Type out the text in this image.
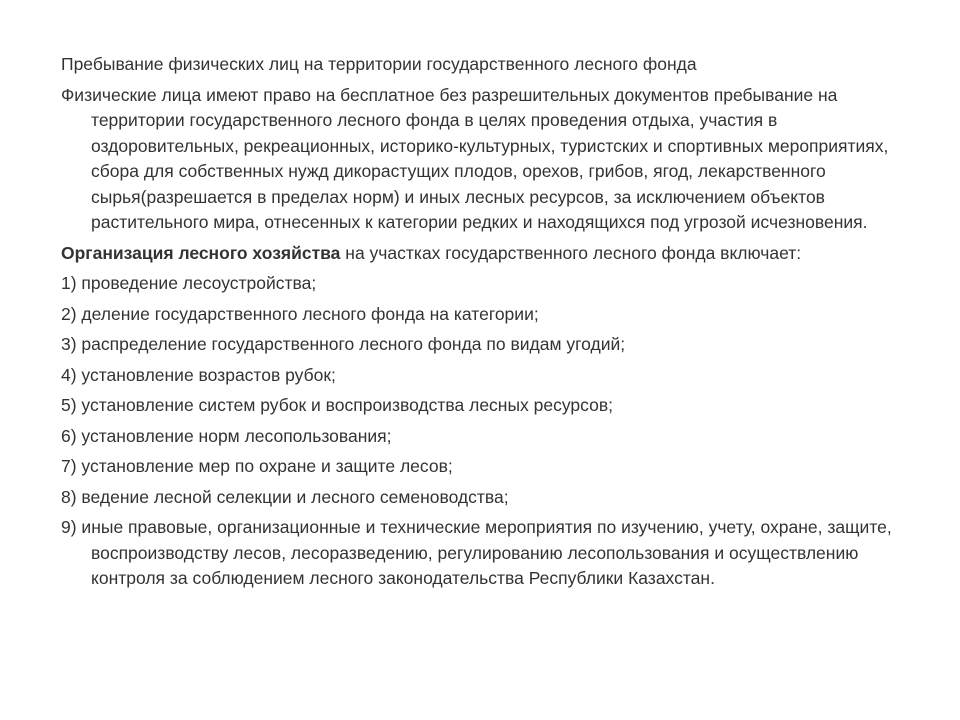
Пребывание физических лиц на территории государственного лесного фонда

Физические лица имеют право на бесплатное без разрешительных документов пребывание на территории государственного лесного фонда в целях проведения отдыха, участия в оздоровительных, рекреационных, историко-культурных, туристских и спортивных мероприятиях, сбора для собственных нужд дикорастущих плодов, орехов, грибов, ягод, лекарственного сырья(разрешается в пределах норм) и иных лесных ресурсов, за исключением объектов растительного мира, отнесенных к категории редких и находящихся под угрозой исчезновения.

Организация лесного хозяйства на участках государственного лесного фонда включает:

1) проведение лесоустройства;

2) деление государственного лесного фонда на категории;

3) распределение государственного лесного фонда по видам угодий;

4) установление возрастов рубок;

5) установление систем рубок и воспроизводства лесных ресурсов;

6) установление норм лесопользования;

7) установление мер по охране и защите лесов;

8) ведение лесной селекции и лесного семеноводства;

9) иные правовые, организационные и технические мероприятия по изучению, учету, охране, защите, воспроизводству лесов, лесоразведению, регулированию лесопользования и осуществлению контроля за соблюдением лесного законодательства Республики Казахстан.
